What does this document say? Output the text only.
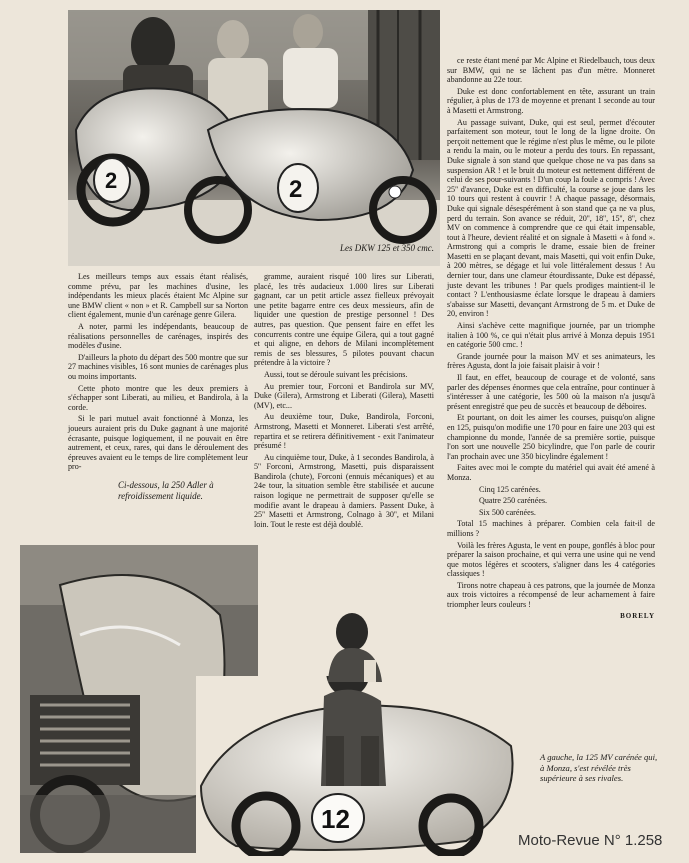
2	2
Les DKW 125 et 350 cmc.

Les meilleurs temps aux essais étant réalisés, comme prévu, par les machines d'usine, les indépendants les mieux placés étaient Mc Alpine sur une BMW client « non » et R. Campbell sur sa Norton client également, munie d'un carénage genre Gilera.

A noter, parmi les indépendants, beaucoup de réalisations personnelles de carénages, inspirés des modèles d'usine.

D'ailleurs la photo du départ des 500 montre que sur 27 machines visibles, 16 sont munies de carénages plus ou moins importants.

Cette photo montre que les deux premiers à s'échapper sont Liberati, au milieu, et Bandirola, à la corde.

Si le pari mutuel avait fonctionné à Monza, les joueurs auraient pris du Duke gagnant à une majorité écrasante, puisque logiquement, il ne pouvait en être autrement, et ceux, rares, qui dans le déroulement des épreuves avaient eu le temps de lire complètement leur pro-

Ci-dessous, la 250 Adler à refroidissement liquide.

gramme, auraient risqué 100 lires sur Liberati, placé, les très audacieux 1.000 lires sur Liberati gagnant, car un petit article assez fielleux prévoyait une petite bagarre entre ces deux messieurs, afin de liquider une question de prestige personnel ! Des autres, pas question. Que pensent faire en effet les concurrents contre une équipe Gilera, qui a tout gagné et qui aligne, en dehors de Milani incomplètement remis de ses blessures, 5 pilotes pouvant chacun prétendre à la victoire ?

Aussi, tout se déroule suivant les précisions.

Au premier tour, Forconi et Bandirola sur MV, Duke (Gilera), Armstrong et Liberati (Gilera), Masetti (MV), etc...

Au deuxième tour, Duke, Bandirola, Forconi, Armstrong, Masetti et Monneret. Liberati s'est arrêté, repartira et se retirera définitivement - exit l'animateur présumé !

Au cinquième tour, Duke, à 1 secondes Bandirola, à 5'' Forconi, Armstrong, Masetti, puis disparaissent Bandirola (chute), Forconi (ennuis mécaniques) et au 24e tour, la situation semble être stabilisée et aucune raison logique ne permettrait de supposer qu'elle se modifie avant le drapeau à damiers. Passent Duke, à 25'' Masetti et Armstrong, Colnago à 30'', et Milani loin. Tout le reste est déjà doublé.

ce reste étant mené par Mc Alpine et Riedelbauch, tous deux sur BMW, qui ne se lâchent pas d'un mètre. Monneret abandonne au 22e tour.

Duke est donc confortablement en tête, assurant un train régulier, à plus de 173 de moyenne et prenant 1 seconde au tour à Masetti et Armstrong.

Au passage suivant, Duke, qui est seul, permet d'écouter parfaitement son moteur, tout le long de la ligne droite. On perçoit nettement que le régime n'est plus le même, ou le pilote a rendu la main, ou le moteur a perdu des tours. En repassant, Duke signale à son stand que quelque chose ne va pas dans sa suspension AR ! et le bruit du moteur est nettement différent de celui de ses pour-suivants ! D'un coup la foule a compris ! Avec 25'' d'avance, Duke est en difficulté, la course se joue dans les 10 tours qui restent à couvrir ! A chaque passage, désormais, Duke qui signale désespérément à son stand que ça ne va plus, perd du terrain. Son avance se réduit, 20'', 18'', 15'', 8'', chez MV on commence à comprendre que ce qui était impensable, tout à l'heure, devient réalité et on signale à Masetti « à fond ». Armstrong qui a compris le drame, essaie bien de freiner Masetti en se plaçant devant, mais Masetti, qui voit enfin Duke, à 200 mètres, se dégage et lui vole littéralement dessus ! Au dernier tour, dans une clameur étourdissante, Duke est dépassé, juste devant les tribunes ! Par quels prodiges maintient-il le contact ? L'enthousiasme éclate lorsque le drapeau à damiers s'abaisse sur Masetti, devançant Armstrong de 5 m. et Duke de 20, environ !

Ainsi s'achève cette magnifique journée, par un triomphe italien à 100 %, ce qui n'était plus arrivé à Monza depuis 1951 en catégorie 500 cmc. !

Grande journée pour la maison MV et ses animateurs, les frères Agusta, dont la joie faisait plaisir à voir !

Il faut, en effet, beaucoup de courage et de volonté, sans parler des dépenses énormes que cela entraîne, pour continuer à s'intéresser à une catégorie, les 500 où la maison n'a jusqu'à présent enregistré que peu de succès et beaucoup de déboires.

Et pourtant, on doit les aimer les courses, puisqu'on aligne en 125, puisqu'on modifie une 170 pour en faire une 203 qui est championne du monde, l'année de sa première sortie, puisque l'on sort une nouvelle 250 bicylindre, que l'on parle de courir l'an prochain avec une 350 bicylindre également !

Faites avec moi le compte du matériel qui avait été amené à Monza.

Cinq 125 carénées.

Quatre 250 carénées.

Six 500 carénées.

Total 15 machines à préparer. Combien cela fait-il de millions ?

Voilà les frères Agusta, le vent en poupe, gonflés à bloc pour préparer la saison prochaine, et qui verra une usine qui ne vend que motos légères et scooters, s'aligner dans les 4 catégories classiques !

Tirons notre chapeau à ces patrons, que la journée de Monza aux trois victoires a récompensé de leur acharnement à faire triompher leurs couleurs !

BORELY
12
A gauche, la 125 MV carénée qui, à Monza, s'est révélée très supérieure à ses rivales.
Moto-Revue N° 1.258
